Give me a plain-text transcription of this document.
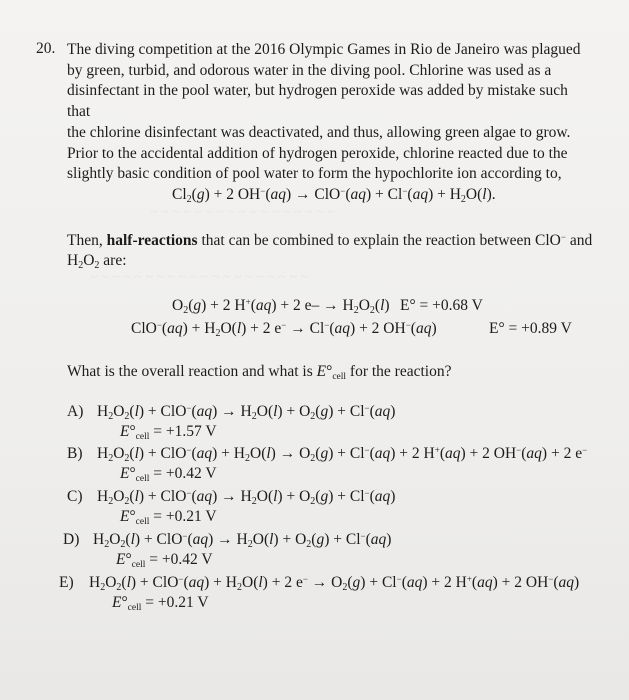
~ ~ ~ ~ ~ ~ ~ ~ ~ ~ ~ ~ ~ ~ ~ ~ ~
~ ~ ~ ~ ~ ~ ~ ~ ~ ~ ~ ~ ~ ~ ~ ~ ~ ~ ~ ~
20. The diving competition at the 2016 Olympic Games in Rio de Janeiro was plagued

by green, turbid, and odorous water in the diving pool. Chlorine was used as a

disinfectant in the pool water, but hydrogen peroxide was added by mistake such that

the chlorine disinfectant was deactivated, and thus, allowing green algae to grow.

Prior to the accidental addition of hydrogen peroxide, chlorine reacted due to the

slightly basic condition of pool water to form the hypochlorite ion according to,

$Cl_2(g) + 2$ $OH^-(aq) \to ClO^-(aq) + Cl^-(aq) + H_2O(l)$.
Then, half-reactions that can be combined to explain the reaction between ClO− and
$H_2O_2$ are:
$O_2(g) + 2$ H+(aq) + 2 $e- \to H_2O_2(l) E^\circ = +0.68$ V
$ClO^-(aq) + H_2O(l) + 2$ e− → Cl−(aq) + 2 OH−(aq)	E° = +0.89 V
What is the overall reaction and what is E°cell for the reaction?
A) $H_2O_2(l) + ClO^-(aq) \to H_2O(l) + O_2(g) + Cl^-(aq)$
E°cell = +1.57 V
B) $H_2O_2(l) + ClO^-(aq) + H_2O(l) \to O_2(g) + Cl^-(aq) + 2$ H+(aq) + 2 OH−(aq) + 2 e−
E°cell = +0.42 V
C) $H_2O_2(l) + ClO^-(aq) \to H_2O(l) + O_2(g) + Cl^-(aq)$
E°cell = +0.21 V
D) $H_2O_2(l) + ClO^-(aq) \to H_2O(l) + O_2(g) + Cl^-(aq)$
E°cell = +0.42 V
E) $H_2O_2(l) + ClO^-(aq) + H_2O(l) + 2$ $e^- \to O_2(g) + Cl^-(aq) + 2$ H+(aq) + 2 OH−(aq)
E°cell = +0.21 V
